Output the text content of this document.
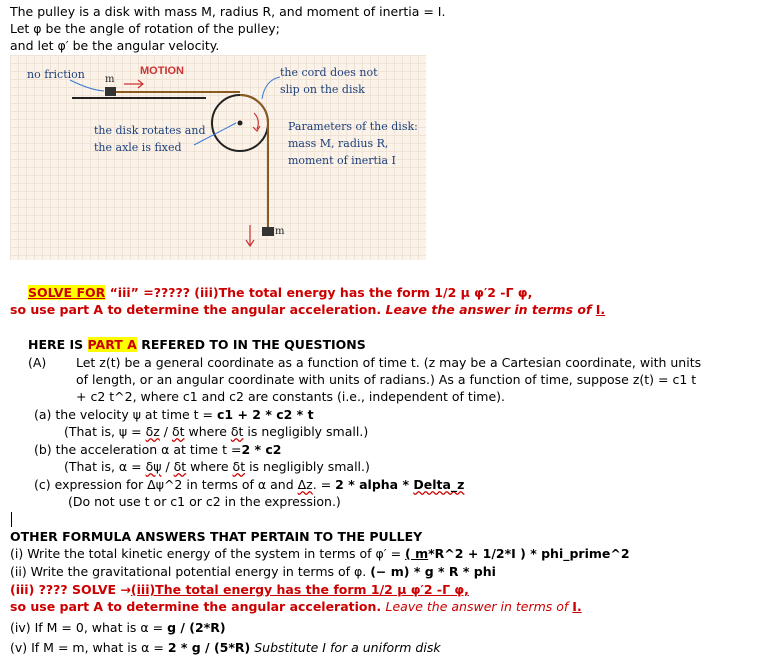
The pulley is a disk with mass M, radius R, and moment of inertia = I.
Let φ be the angle of rotation of the pulley;
and let φ′ be the angular velocity.
no friction m
MOTION	the cord does not
slip on the disk
the disk rotates and
the axle is fixed
Parameters of the disk:
mass M, radius R,
moment of inertia I
m
SOLVE FOR “iii” =????? (iii)The total energy has the form 1/2 μ φ′2 -Γ φ,
so use part A to determine the angular acceleration. Leave the answer in terms of I.
HERE IS PART A REFERED TO IN THE QUESTIONS
(A) Let z(t) be a general coordinate as a function of time t. (z may be a Cartesian coordinate, with units
of length, or an angular coordinate with units of radians.) As a function of time, suppose z(t) = c1 t
+ c2 t^2, where c1 and c2 are constants (i.e., independent of time).
(a) the velocity ψ at time t = c1 + 2 * c2 * t
(That is, ψ = δz / δt where δt is negligibly small.)
(b) the acceleration α at time t =2 * c2
(That is, α = δψ / δt where δt is negligibly small.)
(c) expression for Δψ^2 in terms of α and Δz. = 2 * alpha * Delta_z
(Do not use t or c1 or c2 in the expression.)
OTHER FORMULA ANSWERS THAT PERTAIN TO THE PULLEY
(i) Write the total kinetic energy of the system in terms of φ′ = ( m*R^2 + 1/2*I ) * phi_prime^2
(ii) Write the gravitational potential energy in terms of φ. (− m) * g * R * phi
(iii) ???? SOLVE →(iii)The total energy has the form 1/2 μ φ′2 -Γ φ,
so use part A to determine the angular acceleration. Leave the answer in terms of I.
(iv) If M = 0, what is α = g / (2*R)
(v) If M = m, what is α = 2 * g / (5*R) Substitute I for a uniform disk
